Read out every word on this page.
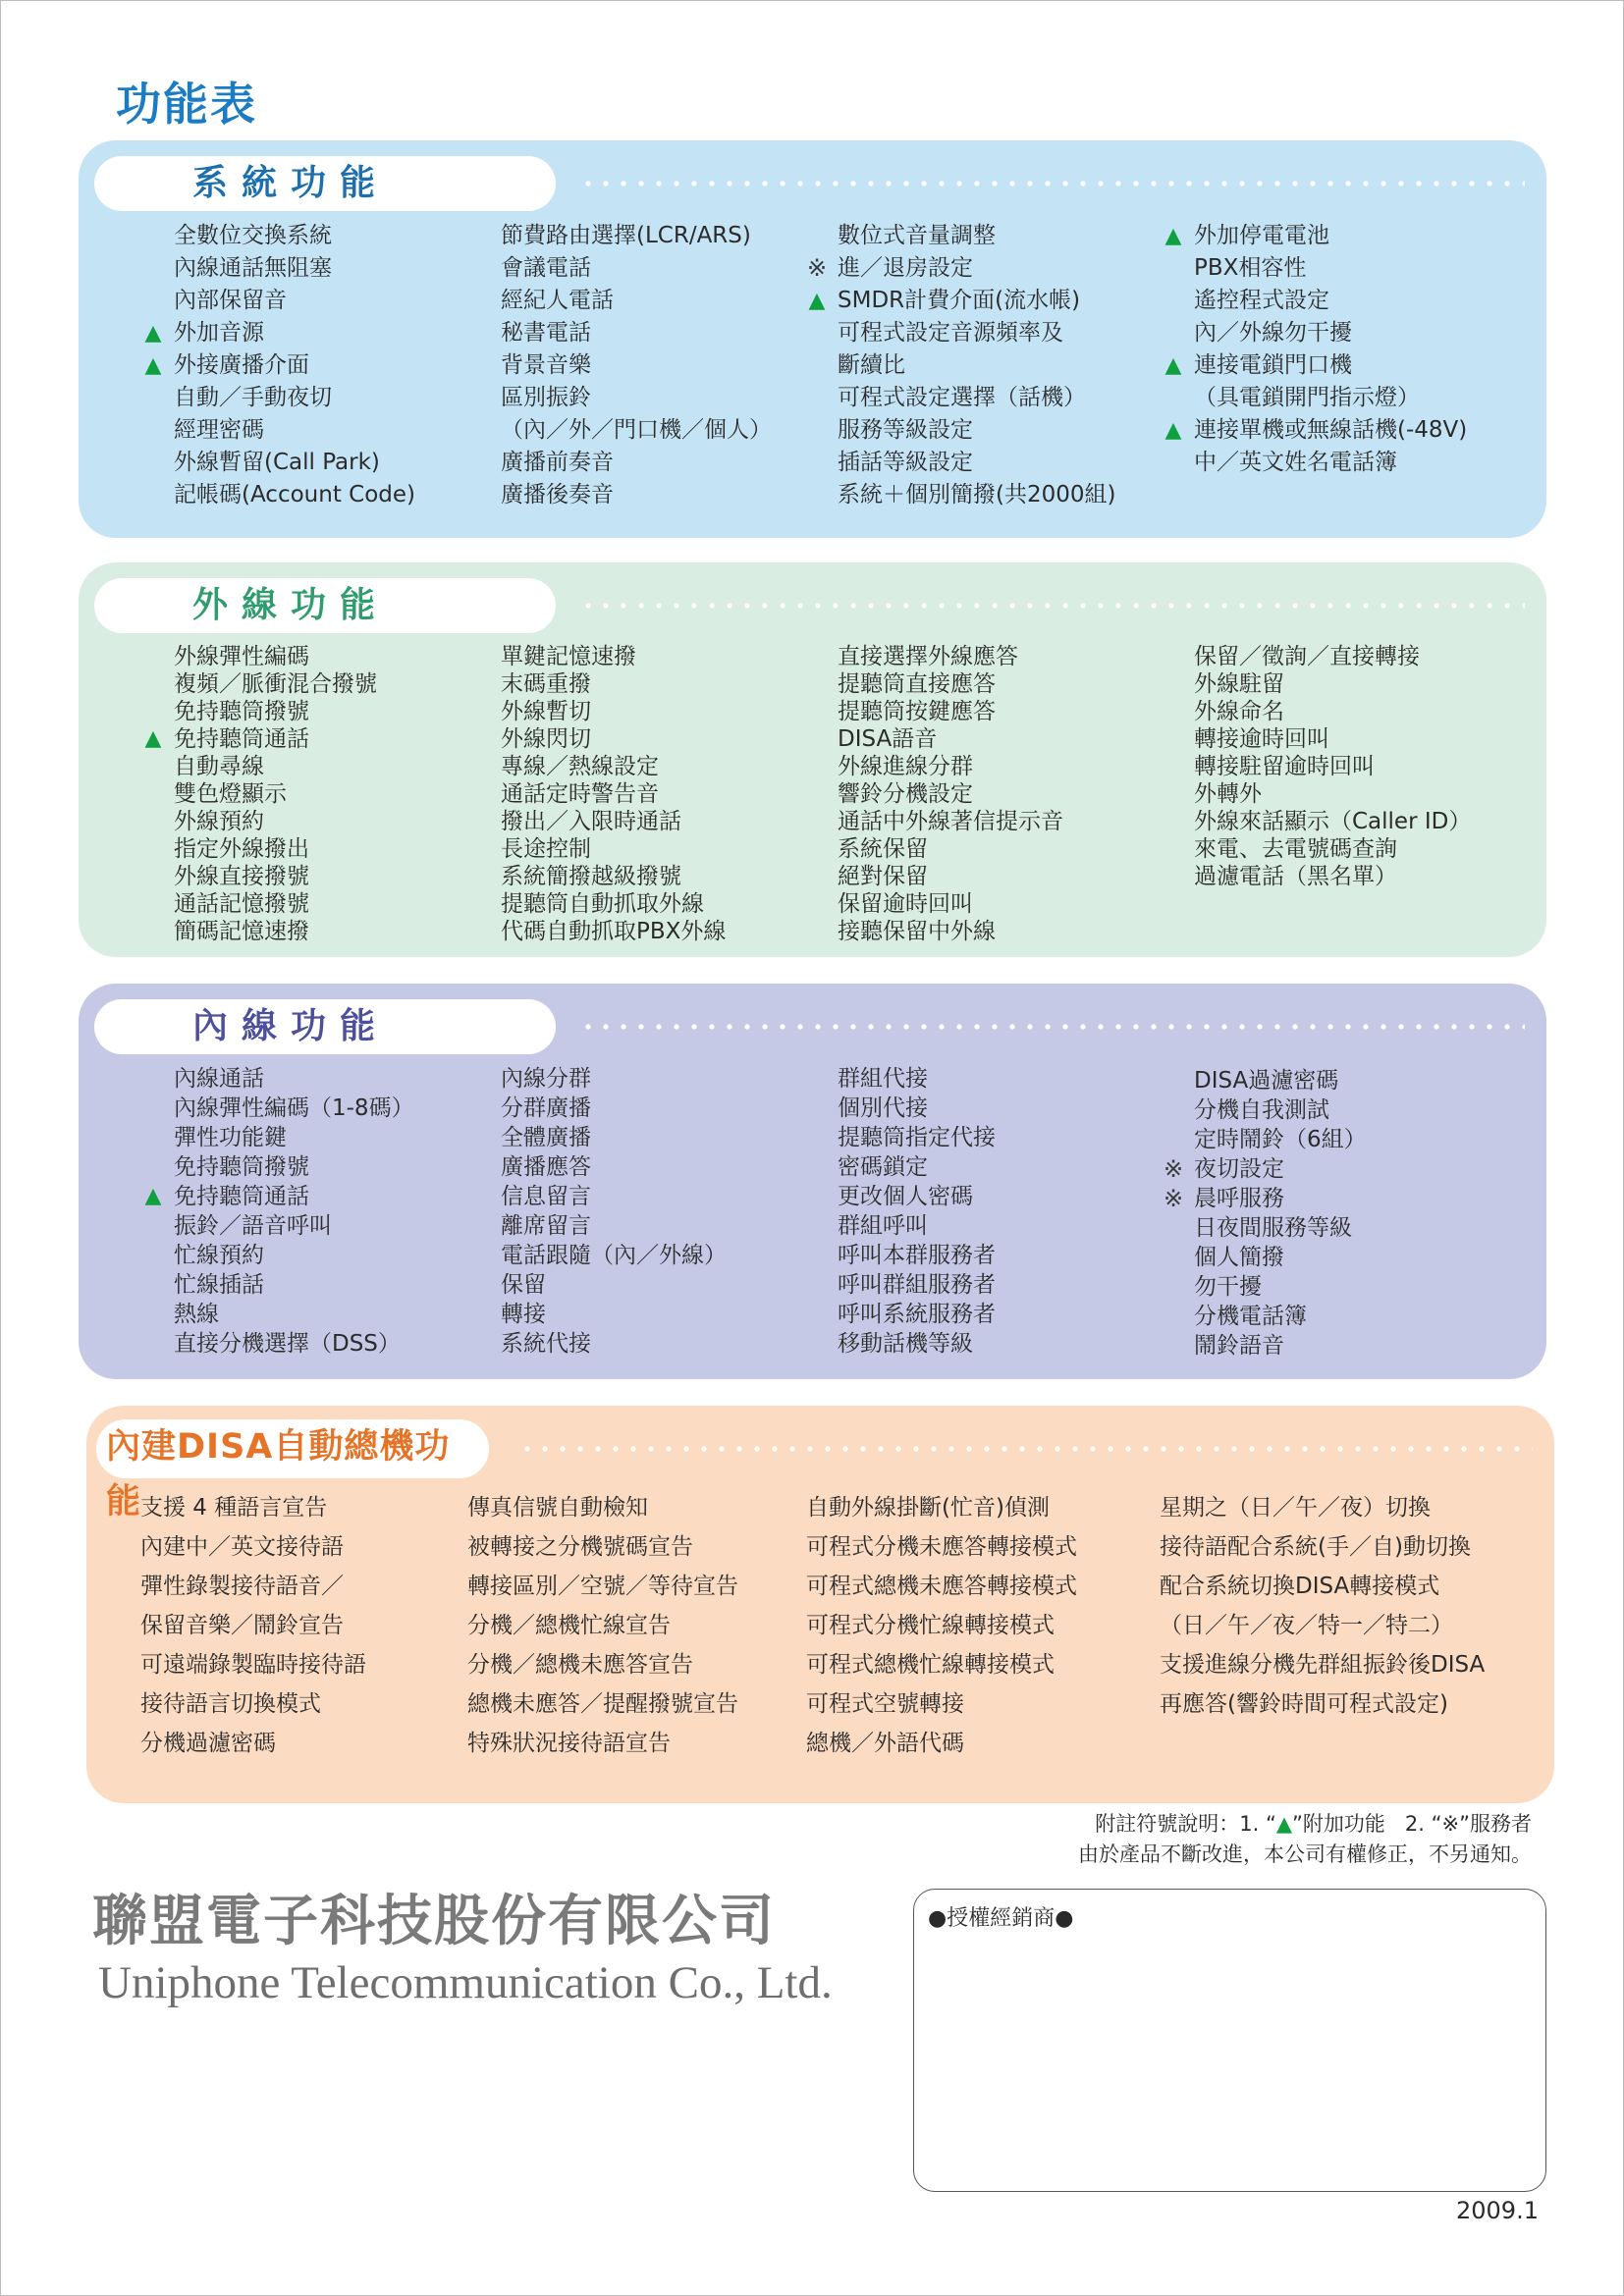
功能表
系統功能
全數位交換系統
內線通話無阻塞
內部保留音
▲ 外加音源
▲ 外接廣播介面
自動／手動夜切
經理密碼
外線暫留(Call Park)
記帳碼(Account Code)
節費路由選擇(LCR/ARS)
會議電話
經紀人電話
秘書電話
背景音樂
區別振鈴
（內／外／門口機／個人）
廣播前奏音
廣播後奏音
數位式音量調整
※ 進／退房設定
▲ SMDR計費介面(流水帳)
可程式設定音源頻率及
斷續比
可程式設定選擇（話機）
服務等級設定
插話等級設定
系統＋個別簡撥(共2000組)
▲ 外加停電電池
PBX相容性
遙控程式設定
內／外線勿干擾
▲ 連接電鎖門口機
（具電鎖開門指示燈）
▲ 連接單機或無線話機(-48V)
中／英文姓名電話簿
外線功能
外線彈性編碼
複頻／脈衝混合撥號
免持聽筒撥號
▲ 免持聽筒通話
自動尋線
雙色燈顯示
外線預約
指定外線撥出
外線直接撥號
通話記憶撥號
簡碼記憶速撥
單鍵記憶速撥
末碼重撥
外線暫切
外線閃切
專線／熱線設定
通話定時警告音
撥出／入限時通話
長途控制
系統簡撥越級撥號
提聽筒自動抓取外線
代碼自動抓取PBX外線
直接選擇外線應答
提聽筒直接應答
提聽筒按鍵應答
DISA語音
外線進線分群
響鈴分機設定
通話中外線著信提示音
系統保留
絕對保留
保留逾時回叫
接聽保留中外線
保留／徵詢／直接轉接
外線駐留
外線命名
轉接逾時回叫
轉接駐留逾時回叫
外轉外
外線來話顯示（Caller ID）
來電、去電號碼查詢
過濾電話（黑名單）
內線功能
內線通話
內線彈性編碼（1-8碼）
彈性功能鍵
免持聽筒撥號
▲ 免持聽筒通話
振鈴／語音呼叫
忙線預約
忙線插話
熱線
直接分機選擇（DSS）
內線分群
分群廣播
全體廣播
廣播應答
信息留言
離席留言
電話跟隨（內／外線）
保留
轉接
系統代接
群組代接
個別代接
提聽筒指定代接
密碼鎖定
更改個人密碼
群組呼叫
呼叫本群服務者
呼叫群組服務者
呼叫系統服務者
移動話機等級
DISA過濾密碼
分機自我測試
定時鬧鈴（6組）
※ 夜切設定
※ 晨呼服務
日夜間服務等級
個人簡撥
勿干擾
分機電話簿
鬧鈴語音
內建DISA自動總機功能
支援 4 種語言宣告
內建中／英文接待語
彈性錄製接待語音／
保留音樂／鬧鈴宣告
可遠端錄製臨時接待語
接待語言切換模式
分機過濾密碼
傳真信號自動檢知
被轉接之分機號碼宣告
轉接區別／空號／等待宣告
分機／總機忙線宣告
分機／總機未應答宣告
總機未應答／提醒撥號宣告
特殊狀況接待語宣告
自動外線掛斷(忙音)偵測
可程式分機未應答轉接模式
可程式總機未應答轉接模式
可程式分機忙線轉接模式
可程式總機忙線轉接模式
可程式空號轉接
總機／外語代碼
星期之（日／午／夜）切換
接待語配合系統(手／自)動切換
配合系統切換DISA轉接模式
（日／午／夜／特一／特二）
支援進線分機先群組振鈴後DISA
再應答(響鈴時間可程式設定)
附註符號說明：1. “▲”附加功能 2. “※”服務者
由於產品不斷改進，本公司有權修正，不另通知。
聯盟電子科技股份有限公司
Uniphone Telecommunication Co., Ltd.
●授權經銷商●
2009.1
